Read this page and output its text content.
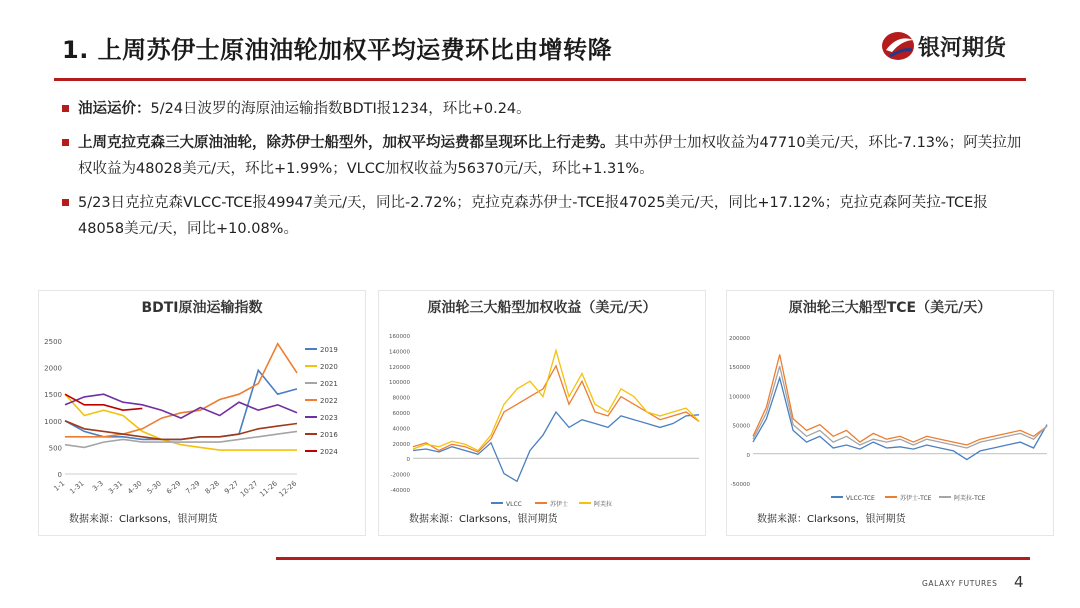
1. 上周苏伊士原油油轮加权平均运费环比由增转降	银河期货
油运运价：5/24日波罗的海原油运输指数BDTI报1234，环比+0.24。
上周克拉克森三大原油油轮，除苏伊士船型外，加权平均运费都呈现环比上行走势。其中苏伊士加权收益为47710美元/天，环比-7.13%；阿芙拉加权收益为48028美元/天，环比+1.99%；VLCC加权收益为56370元/天，环比+1.31%。
5/23日克拉克森VLCC-TCE报49947美元/天，同比-2.72%；克拉克森苏伊士-TCE报47025美元/天，同比+17.12%；克拉克森阿芙拉-TCE报48058美元/天，同比+10.08%。
BDTI原油运输指数
0
500
1000
1500
2000
2500
1-1 1-31 3-3 3-31 4-30 5-30 6-29 7-29 8-28 9-27
10-27
11-26
12-26
2019
2020
2021
2022
2023
2016
2024
数据来源：Clarksons，银河期货
原油轮三大船型加权收益（美元/天）
-40000
-20000
0
20000
40000
60000
80000
100000
120000
140000
160000
VLCC	苏伊士	阿芙拉
数据来源：Clarksons，银河期货
原油轮三大船型TCE（美元/天）
-50000
0
50000
100000
150000
200000
VLCC-TCE	苏伊士-TCE	阿芙拉-TCE
数据来源：Clarksons，银河期货
GALAXY FUTURES 4
